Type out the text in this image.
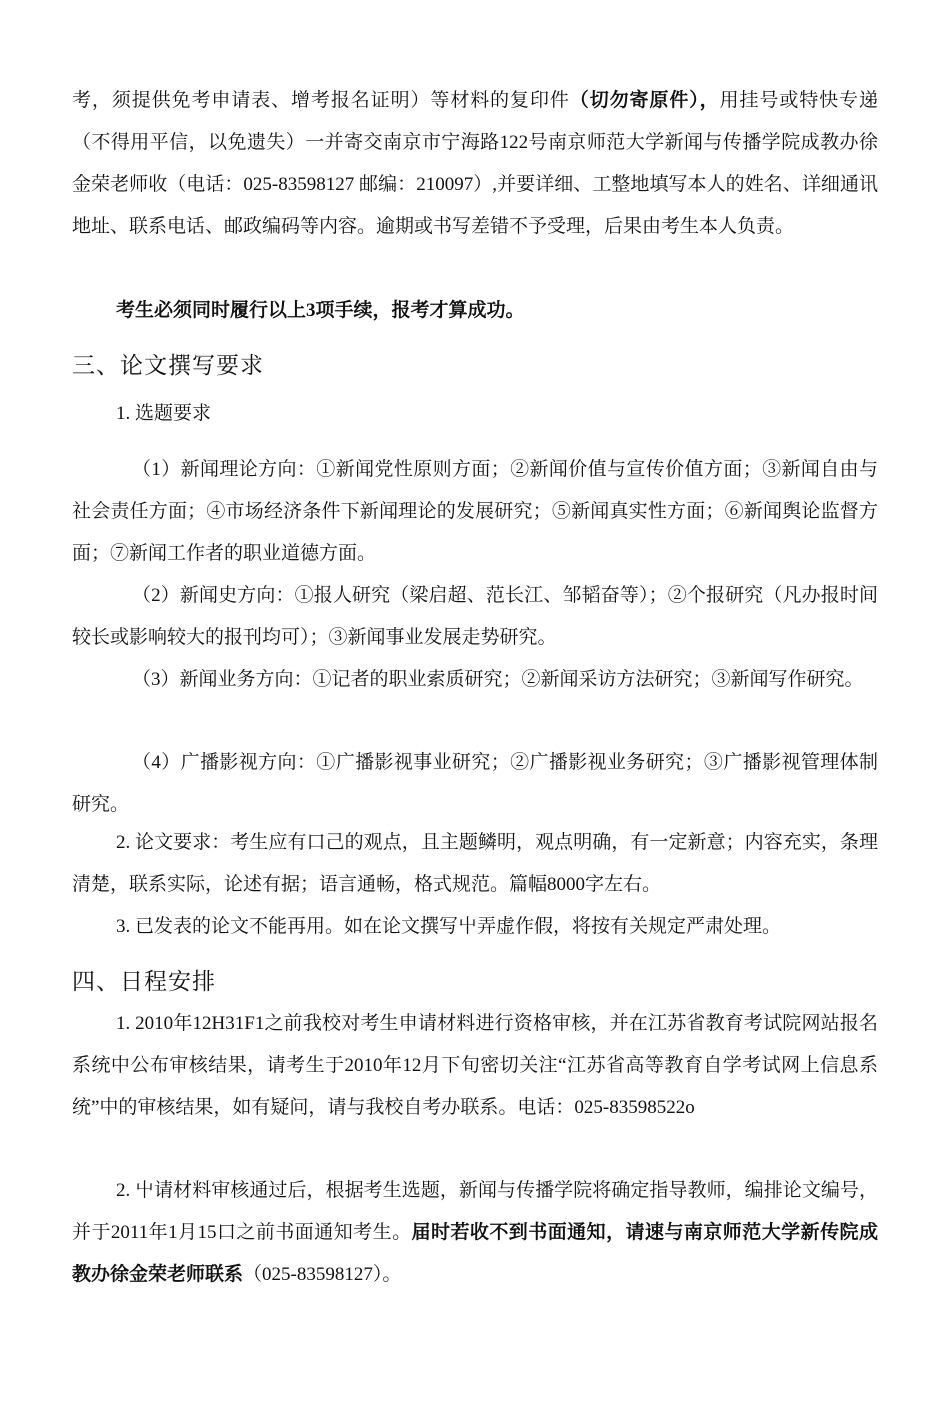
考，须提供免考申请表、增考报名证明）等材料的复印件（切勿寄原件），用挂号或特快专递（不得用平信，以免遗失）一并寄交南京市宁海路122号南京师范大学新闻与传播学院成教办徐金荣老师收（电话：025-83598127 邮编：210097）,并要详细、工整地填写本人的姓名、详细通讯地址、联系电话、邮政编码等内容。逾期或书写差错不予受理，后果由考生本人负责。

考生必须同时履行以上3项手续，报考才算成功。

三、论文撰写要求

1. 选题要求

（1）新闻理论方向：①新闻党性原则方面；②新闻价值与宣传价值方面；③新闻自由与社会责任方面；④市场经济条件下新闻理论的发展研究；⑤新闻真实性方面；⑥新闻舆论监督方面；⑦新闻工作者的职业道德方面。

（2）新闻史方向：①报人研究（梁启超、范长江、邹韬奋等）；②个报研究（凡办报时间较长或影响较大的报刊均可）；③新闻事业发展走势研究。

（3）新闻业务方向：①记者的职业索质研究；②新闻采访方法研究；③新闻写作研究。

（4）广播影视方向：①广播影视事业研究；②广播影视业务研究；③广播影视管理体制研究。

2. 论文要求：考生应有口己的观点，且主题鳞明，观点明确，有一定新意；内容充实，条理清楚，联系实际，论述有据；语言通畅，格式规范。篇幅8000字左右。

3. 已发表的论文不能再用。如在论文撰写屮弄虚作假，将按有关规定严肃处理。

四、日程安排

1. 2010年12H31F1之前我校对考生申请材料进行资格审核，并在江苏省教育考试院网站报名系统中公布审核结果，请考生于2010年12月下旬密切关注“江苏省高等教育自学考试网上信息系统”中的审核结果，如有疑问，请与我校自考办联系。电话：025-83598522o

2. 屮请材料审核通过后，根据考生选题，新闻与传播学院将确定指导教师，编排论文编号，并于2011年1月15口之前书面通知考生。届时若收不到书面通知，请速与南京师范大学新传院成教办徐金荣老师联系（025-83598127）。
